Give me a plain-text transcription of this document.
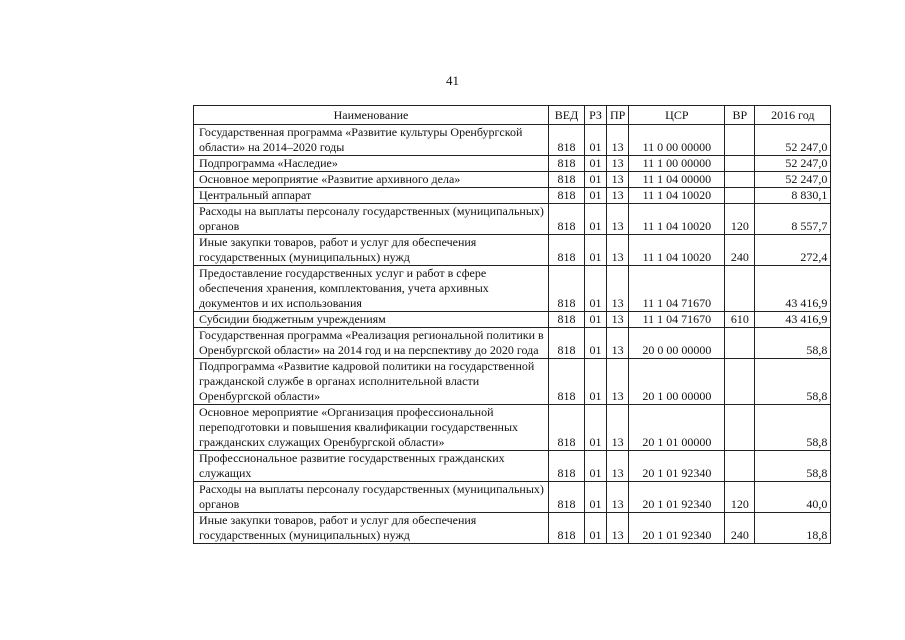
41
Наименование	ВЕД	РЗ	ПР	ЦСР	ВР	2016 год
Государственная программа «Развитие культуры Оренбургской области» на 2014–2020 годы	818	01	13	11 0 00 00000		52 247,0
Подпрограмма «Наследие»	818	01	13	11 1 00 00000		52 247,0
Основное мероприятие «Развитие архивного дела»	818	01	13	11 1 04 00000		52 247,0
Центральный аппарат	818	01	13	11 1 04 10020		8 830,1
Расходы на выплаты персоналу государственных (муниципальных) органов	818	01	13	11 1 04 10020	120	8 557,7
Иные закупки товаров, работ и услуг для обеспечения государственных (муниципальных) нужд	818	01	13	11 1 04 10020	240	272,4
Предоставление государственных услуг и работ в сфере обеспечения хранения, комплектования, учета архивных документов и их использования	818	01	13	11 1 04 71670		43 416,9
Субсидии бюджетным учреждениям	818	01	13	11 1 04 71670	610	43 416,9
Государственная программа «Реализация региональной политики в Оренбургской области» на 2014 год и на перспективу до 2020 года	818	01	13	20 0 00 00000		58,8
Подпрограмма «Развитие кадровой политики на государственной гражданской службе в органах исполнительной власти Оренбургской области»	818	01	13	20 1 00 00000		58,8
Основное мероприятие «Организация профессиональной переподготовки и повышения квалификации государственных гражданских служащих Оренбургской области»	818	01	13	20 1 01 00000		58,8
Профессиональное развитие государственных гражданских служащих	818	01	13	20 1 01 92340		58,8
Расходы на выплаты персоналу государственных (муниципальных) органов	818	01	13	20 1 01 92340	120	40,0
Иные закупки товаров, работ и услуг для обеспечения государственных (муниципальных) нужд	818	01	13	20 1 01 92340	240	18,8
